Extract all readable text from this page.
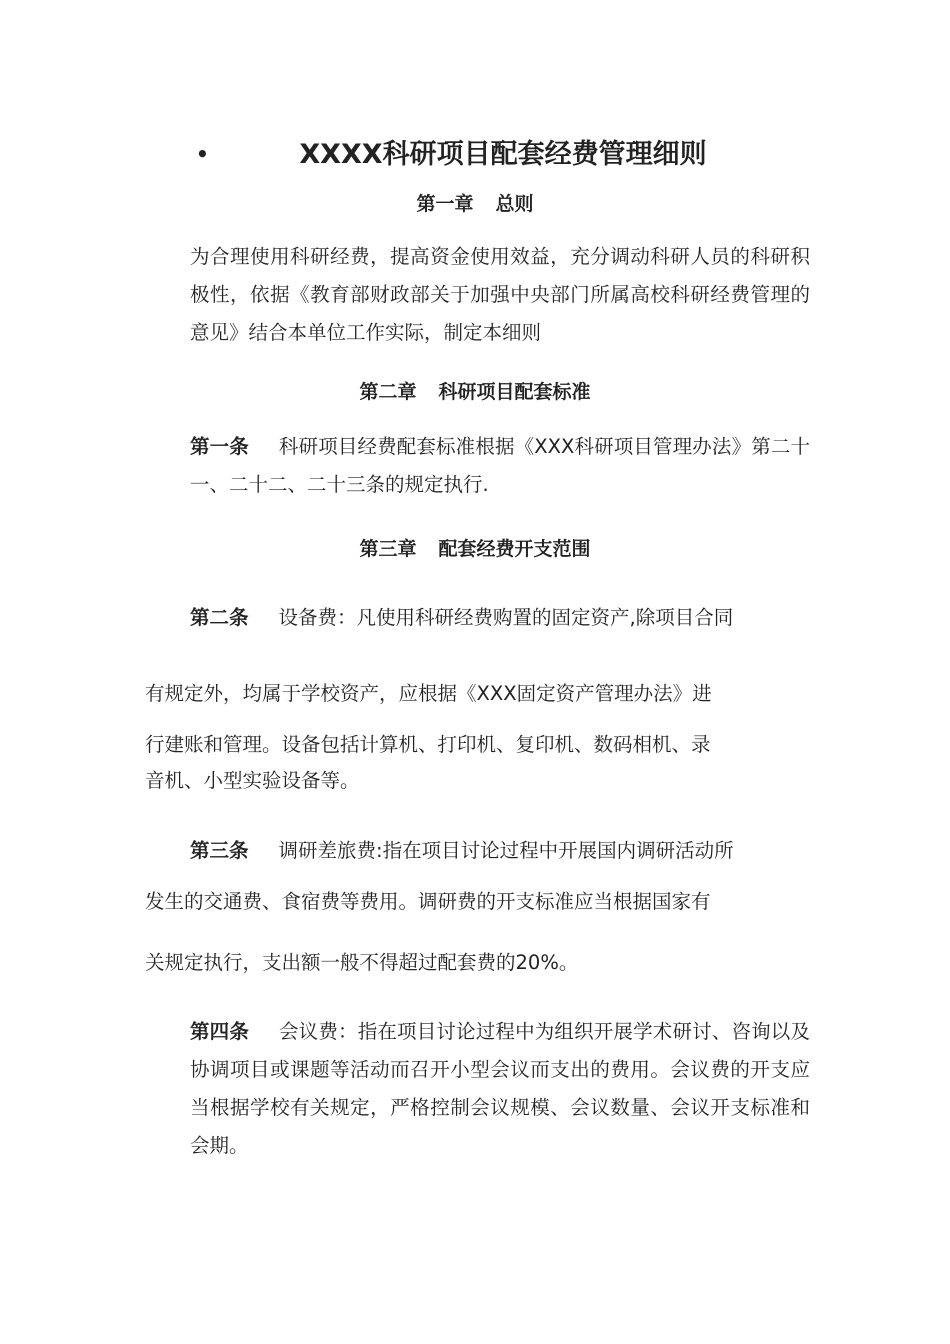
•	XXXX科研项目配套经费管理细则
第一章 总则
为合理使用科研经费，提高资金使用效益，充分调动科研人员的科研积极性，依据《教育部财政部关于加强中央部门所属高校科研经费管理的意见》结合本单位工作实际，制定本细则
第二章 科研项目配套标准
第一条 科研项目经费配套标准根据《XXX科研项目管理办法》第二十一、二十二、二十三条的规定执行.
第三章 配套经费开支范围
第二条 设备费：凡使用科研经费购置的固定资产,除项目合同
有规定外，均属于学校资产，应根据《XXX固定资产管理办法》进
行建账和管理。设备包括计算机、打印机、复印机、数码相机、录
音机、小型实验设备等。
第三条 调研差旅费:指在项目讨论过程中开展国内调研活动所
发生的交通费、食宿费等费用。调研费的开支标准应当根据国家有
关规定执行，支出额一般不得超过配套费的20%。
第四条 会议费：指在项目讨论过程中为组织开展学术研讨、咨询以及协调项目或课题等活动而召开小型会议而支出的费用。会议费的开支应当根据学校有关规定，严格控制会议规模、会议数量、会议开支标准和会期。
